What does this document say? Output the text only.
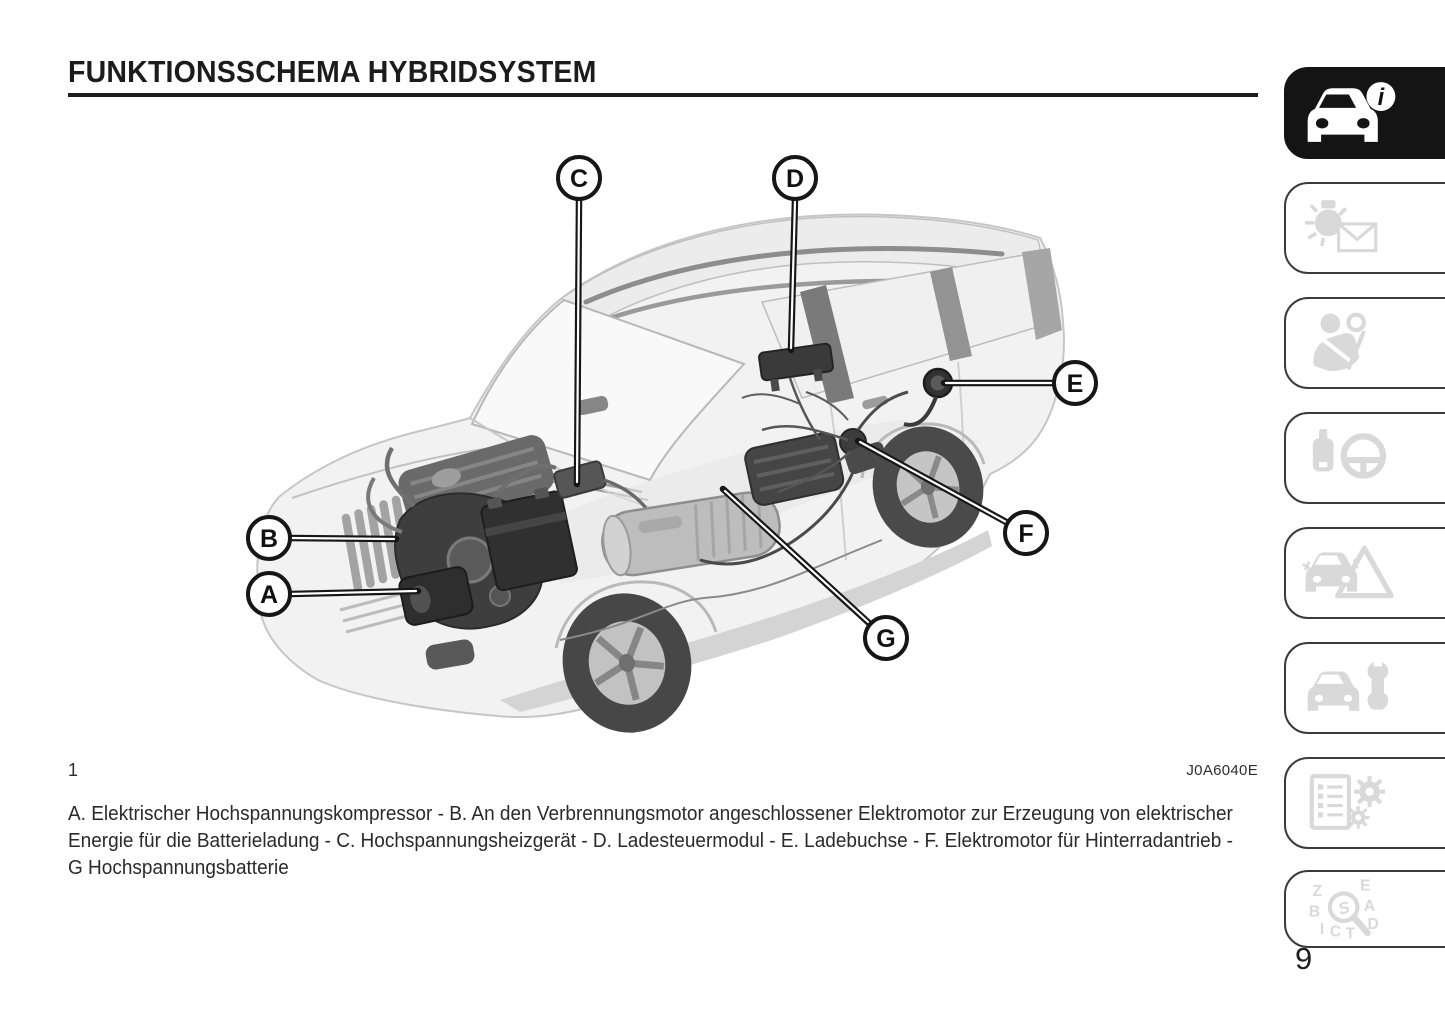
FUNKTIONSSCHEMA HYBRIDSYSTEM
A
B
C	D
E
F
G
1	J0A6040E
A. Elektrischer Hochspannungskompressor - B. An den Verbrennungsmotor angeschlossener Elektromotor zur Erzeugung von elektrischer
Energie für die Batterieladung - C. Hochspannungsheizgerät - D. Ladesteuermodul - E. Ladebuchse - F. Elektromotor für Hinterradantrieb -
G Hochspannungsbatterie
i
Z E
B	A
I C T
D
S
9
